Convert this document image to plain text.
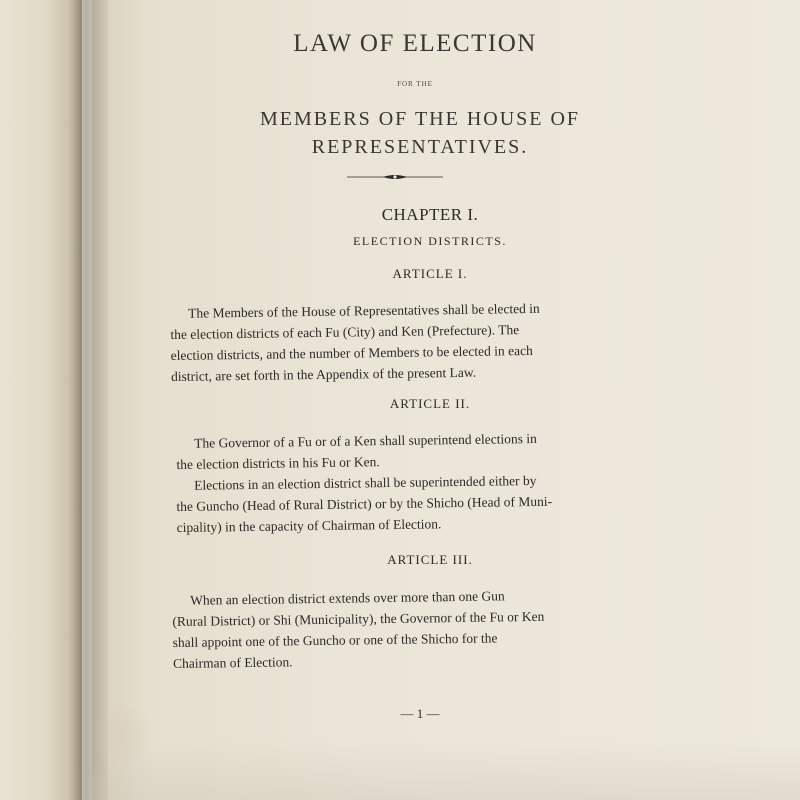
LAW OF ELECTION
FOR THE
MEMBERS OF THE HOUSE OF
REPRESENTATIVES.
CHAPTER I.
ELECTION DISTRICTS.
ARTICLE I.

The Members of the House of Representatives shall be elected in
the election districts of each Fu (City) and Ken (Prefecture). The
election districts, and the number of Members to be elected in each
district, are set forth in the Appendix of the present Law.

ARTICLE II.

The Governor of a Fu or of a Ken shall superintend elections in
the election districts in his Fu or Ken.

Elections in an election district shall be superintended either by
the Guncho (Head of Rural District) or by the Shicho (Head of Muni-
cipality) in the capacity of Chairman of Election.

ARTICLE III.

When an election district extends over more than one Gun
(Rural District) or Shi (Municipality), the Governor of the Fu or Ken
shall appoint one of the Guncho or one of the Shicho for the
Chairman of Election.

— 1 —
